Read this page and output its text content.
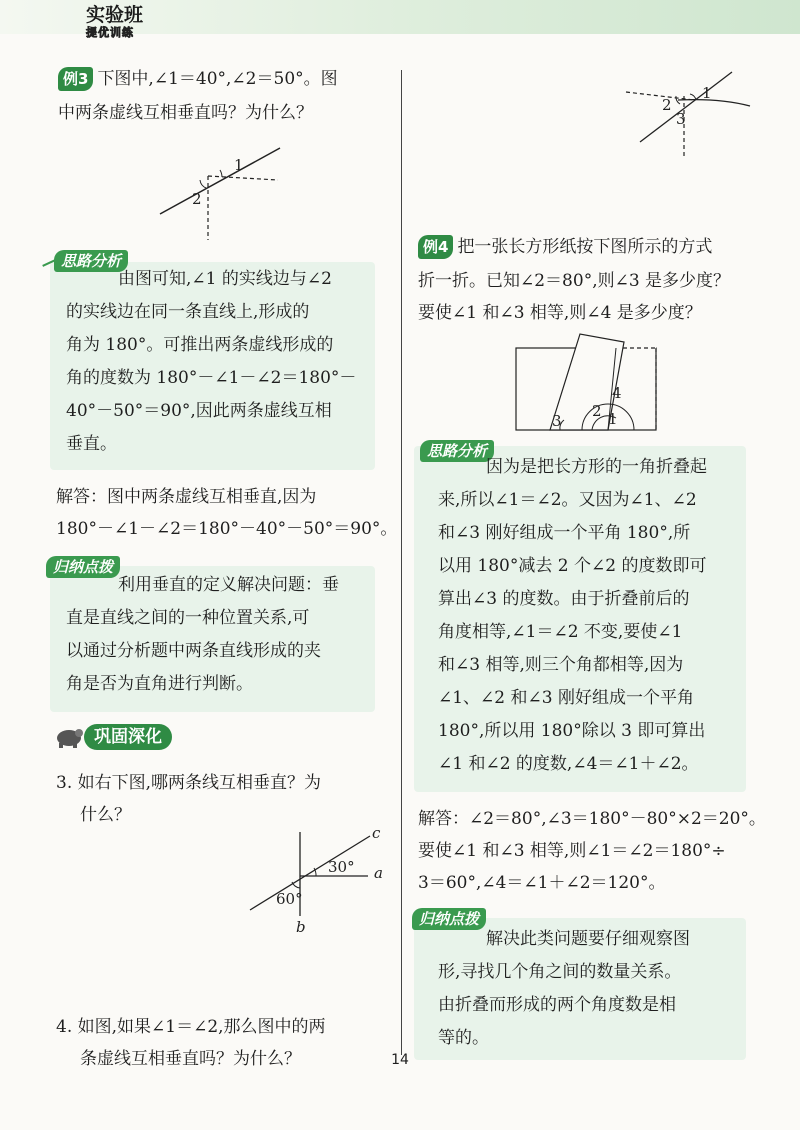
实验班
提优训练
例3 下图中,∠1＝40°,∠2＝50°。图
中两条虚线互相垂直吗？为什么？
1
2
思路分析
由图可知,∠1 的实线边与∠2
的实线边在同一条直线上,形成的
角为 180°。可推出两条虚线形成的
角的度数为 180°－∠1－∠2＝180°－
40°－50°＝90°,因此两条虚线互相
垂直。
解答：图中两条虚线互相垂直,因为
180°－∠1－∠2＝180°－40°－50°＝90°。
归纳点拨
利用垂直的定义解决问题：垂
直是直线之间的一种位置关系,可
以通过分析题中两条直线形成的夹
角是否为直角进行判断。
巩固深化
3. 如右下图,哪两条线互相垂直？为
什么？
c
a
b
30°
60°
4. 如图,如果∠1＝∠2,那么图中的两
条虚线互相垂直吗？为什么？
1
2
3
例4 把一张长方形纸按下图所示的方式
折一折。已知∠2＝80°,则∠3 是多少度？
要使∠1 和∠3 相等,则∠4 是多少度？
4
2 1
3
思路分析
因为是把长方形的一角折叠起
来,所以∠1＝∠2。又因为∠1、∠2
和∠3 刚好组成一个平角 180°,所
以用 180°减去 2 个∠2 的度数即可
算出∠3 的度数。由于折叠前后的
角度相等,∠1＝∠2 不变,要使∠1
和∠3 相等,则三个角都相等,因为
∠1、∠2 和∠3 刚好组成一个平角
180°,所以用 180°除以 3 即可算出
∠1 和∠2 的度数,∠4＝∠1＋∠2。
解答：∠2＝80°,∠3＝180°－80°×2＝20°。
要使∠1 和∠3 相等,则∠1＝∠2＝180°÷
3＝60°,∠4＝∠1＋∠2＝120°。
归纳点拨
解决此类问题要仔细观察图
形,寻找几个角之间的数量关系。
由折叠而形成的两个角度数是相
等的。
14
